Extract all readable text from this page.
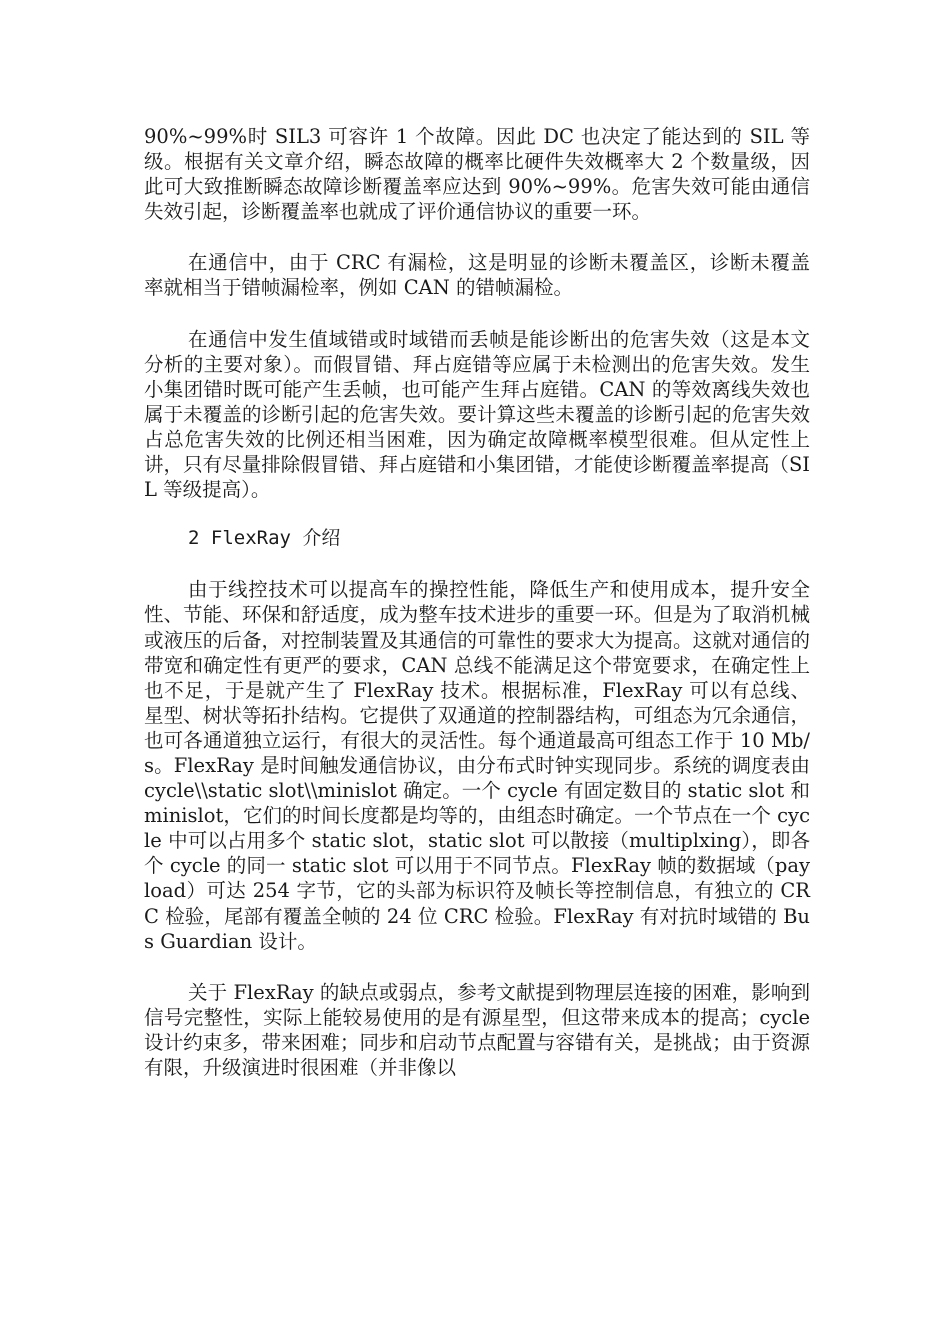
90%~99%时 SIL3 可容许 1 个故障。因此 DC 也决定了能达到的 SIL 等级。根据有关文章介绍，瞬态故障的概率比硬件失效概率大 2 个数量级，因此可大致推断瞬态故障诊断覆盖率应达到 90%~99%。危害失效可能由通信失效引起，诊断覆盖率也就成了评价通信协议的重要一环。

在通信中，由于 CRC 有漏检，这是明显的诊断未覆盖区，诊断未覆盖率就相当于错帧漏检率，例如 CAN 的错帧漏检。

在通信中发生值域错或时域错而丢帧是能诊断出的危害失效（这是本文分析的主要对象）。而假冒错、拜占庭错等应属于未检测出的危害失效。发生小集团错时既可能产生丢帧，也可能产生拜占庭错。CAN 的等效离线失效也属于未覆盖的诊断引起的危害失效。要计算这些未覆盖的诊断引起的危害失效占总危害失效的比例还相当困难，因为确定故障概率模型很难。但从定性上讲，只有尽量排除假冒错、拜占庭错和小集团错，才能使诊断覆盖率提高（SIL 等级提高）。

2 FlexRay 介绍

由于线控技术可以提高车的操控性能，降低生产和使用成本，提升安全性、节能、环保和舒适度，成为整车技术进步的重要一环。但是为了取消机械或液压的后备，对控制装置及其通信的可靠性的要求大为提高。这就对通信的带宽和确定性有更严的要求，CAN 总线不能满足这个带宽要求，在确定性上也不足，于是就产生了 FlexRay 技术。根据标准，FlexRay 可以有总线、星型、树状等拓扑结构。它提供了双通道的控制器结构，可组态为冗余通信，也可各通道独立运行，有很大的灵活性。每个通道最高可组态工作于 10 Mb/s。FlexRay 是时间触发通信协议，由分布式时钟实现同步。系统的调度表由 cycle\\static slot\\minislot 确定。一个 cycle 有固定数目的 static slot 和 minislot，它们的时间长度都是均等的，由组态时确定。一个节点在一个 cycle 中可以占用多个 static slot，static slot 可以散接（multiplxing），即各个 cycle 的同一 static slot 可以用于不同节点。FlexRay 帧的数据域（payload）可达 254 字节，它的头部为标识符及帧长等控制信息，有独立的 CRC 检验，尾部有覆盖全帧的 24 位 CRC 检验。FlexRay 有对抗时域错的 Bus Guardian 设计。

关于 FlexRay 的缺点或弱点，参考文献提到物理层连接的困难，影响到信号完整性，实际上能较易使用的是有源星型，但这带来成本的提高；cycle 设计约束多，带来困难；同步和启动节点配置与容错有关，是挑战；由于资源有限，升级演进时很困难（并非像以
